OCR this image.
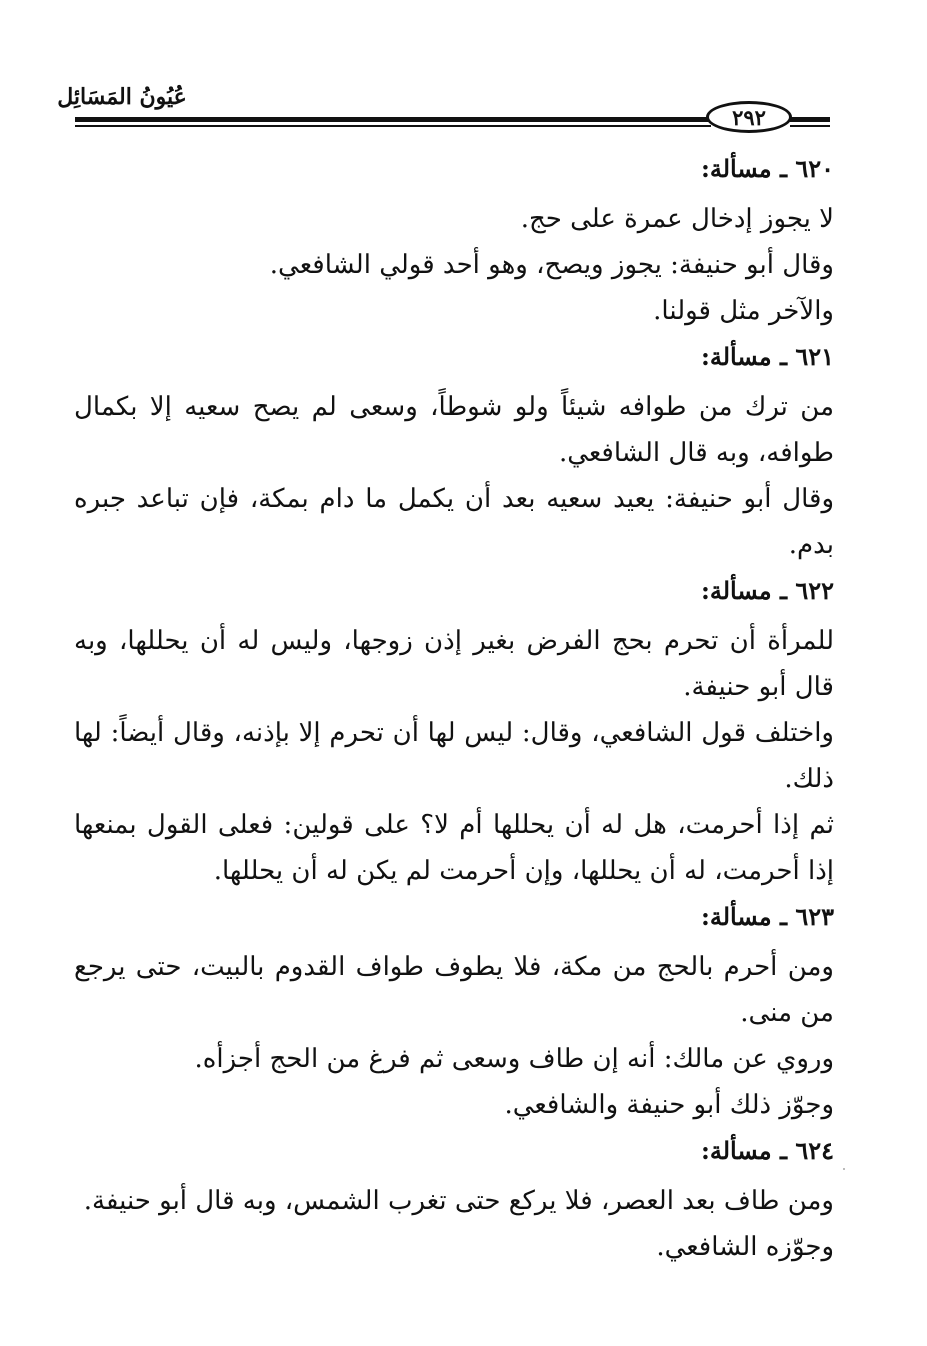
عُيُونُ المَسَائِل
٢٩٢

٦٢٠ ـ مسألة:

لا يجوز إدخال عمرة على حج.

وقال أبو حنيفة: يجوز ويصح، وهو أحد قولي الشافعي.

والآخر مثل قولنا.

٦٢١ ـ مسألة:

من ترك من طوافه شيئاً ولو شوطاً، وسعى لم يصح سعيه إلا بكمال طوافه، وبه قال الشافعي.

وقال أبو حنيفة: يعيد سعيه بعد أن يكمل ما دام بمكة، فإن تباعد جبره بدم.

٦٢٢ ـ مسألة:

للمرأة أن تحرم بحج الفرض بغير إذن زوجها، وليس له أن يحللها، وبه قال أبو حنيفة.

واختلف قول الشافعي، وقال: ليس لها أن تحرم إلا بإذنه، وقال أيضاً: لها ذلك.

ثم إذا أحرمت، هل له أن يحللها أم لا؟ على قولين: فعلى القول بمنعها إذا أحرمت، له أن يحللها، وإن أحرمت لم يكن له أن يحللها.

٦٢٣ ـ مسألة:

ومن أحرم بالحج من مكة، فلا يطوف طواف القدوم بالبيت، حتى يرجع من منى.

وروي عن مالك: أنه إن طاف وسعى ثم فرغ من الحج أجزأه.

وجوّز ذلك أبو حنيفة والشافعي.

٦٢٤ ـ مسألة:

ومن طاف بعد العصر، فلا يركع حتى تغرب الشمس، وبه قال أبو حنيفة.

وجوّزه الشافعي.
